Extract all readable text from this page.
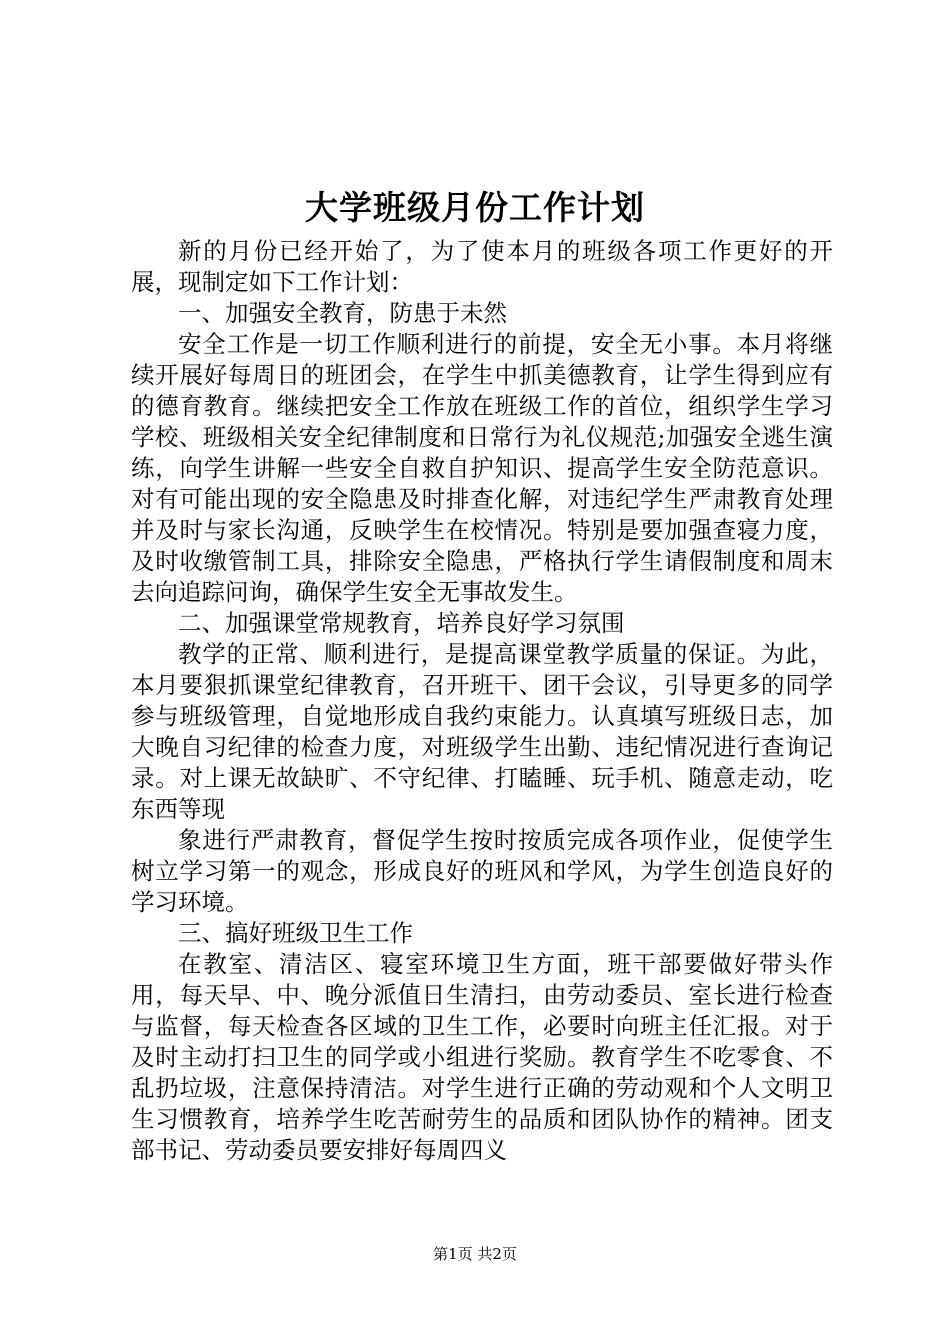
大学班级月份工作计划

新的月份已经开始了，为了使本月的班级各项工作更好的开展，现制定如下工作计划：

一、加强安全教育，防患于未然

安全工作是一切工作顺利进行的前提，安全无小事。本月将继续开展好每周日的班团会，在学生中抓美德教育，让学生得到应有的德育教育。继续把安全工作放在班级工作的首位，组织学生学习学校、班级相关安全纪律制度和日常行为礼仪规范;加强安全逃生演练，向学生讲解一些安全自救自护知识、提高学生安全防范意识。对有可能出现的安全隐患及时排查化解，对违纪学生严肃教育处理并及时与家长沟通，反映学生在校情况。特别是要加强查寝力度，及时收缴管制工具，排除安全隐患，严格执行学生请假制度和周末去向追踪问询，确保学生安全无事故发生。

二、加强课堂常规教育，培养良好学习氛围

教学的正常、顺利进行，是提高课堂教学质量的保证。为此，本月要狠抓课堂纪律教育，召开班干、团干会议，引导更多的同学参与班级管理，自觉地形成自我约束能力。认真填写班级日志，加大晚自习纪律的检查力度，对班级学生出勤、违纪情况进行查询记录。对上课无故缺旷、不守纪律、打瞌睡、玩手机、随意走动，吃东西等现

象进行严肃教育，督促学生按时按质完成各项作业，促使学生树立学习第一的观念，形成良好的班风和学风，为学生创造良好的学习环境。

三、搞好班级卫生工作

在教室、清洁区、寝室环境卫生方面，班干部要做好带头作用，每天早、中、晚分派值日生清扫，由劳动委员、室长进行检查与监督，每天检查各区域的卫生工作，必要时向班主任汇报。对于及时主动打扫卫生的同学或小组进行奖励。教育学生不吃零食、不乱扔垃圾，注意保持清洁。对学生进行正确的劳动观和个人文明卫生习惯教育，培养学生吃苦耐劳生的品质和团队协作的精神。团支部书记、劳动委员要安排好每周四义

第1页 共2页
